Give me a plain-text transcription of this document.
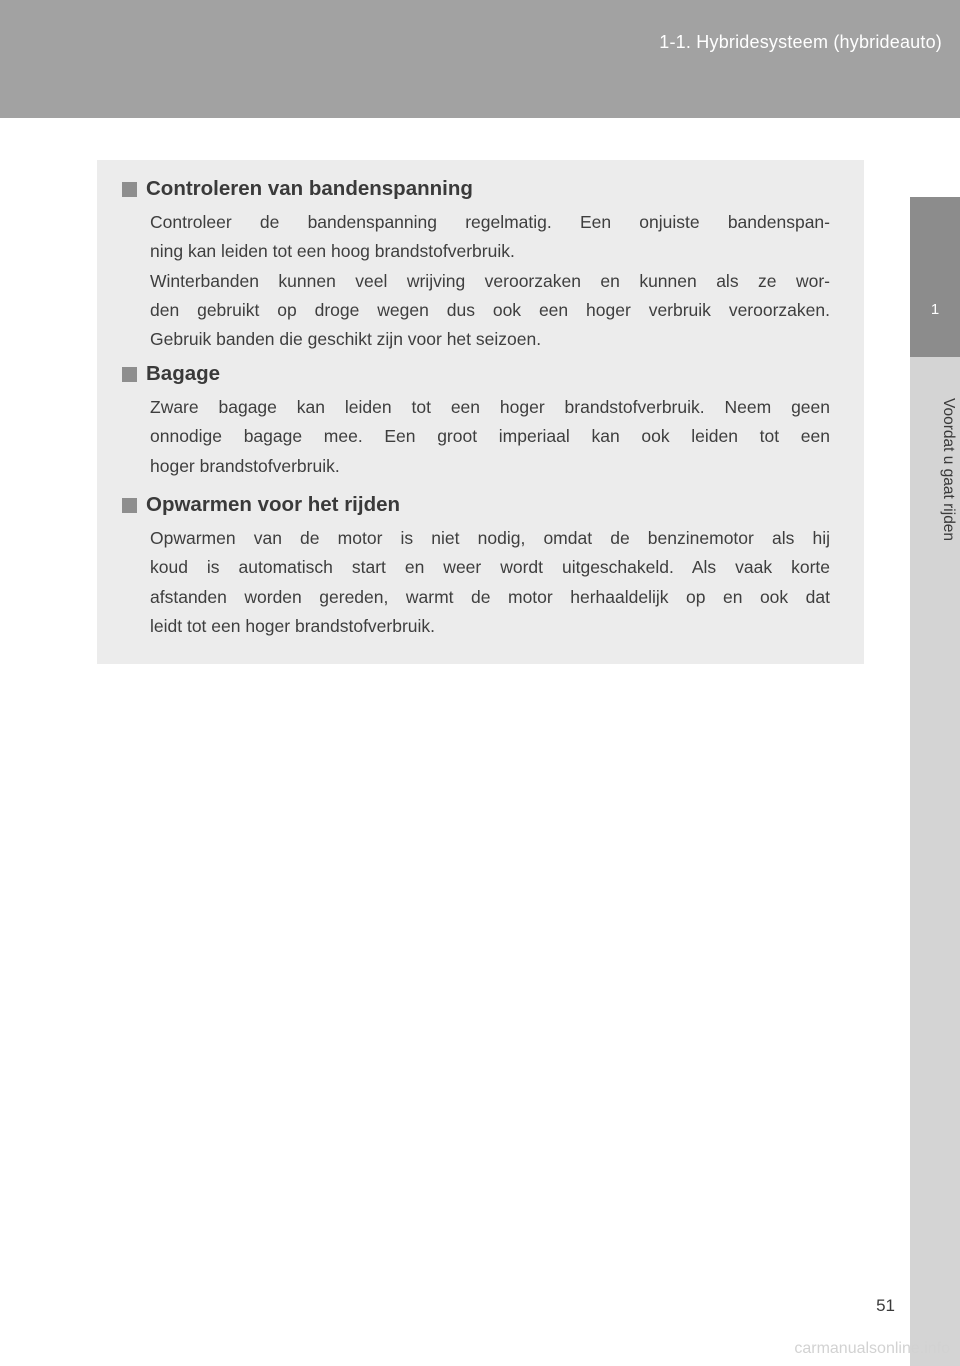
1-1. Hybridesysteem (hybrideauto)
1
Voordat u gaat rijden
Controleren van bandenspanning
Controleer de bandenspanning regelmatig. Een onjuiste bandenspan-
ning kan leiden tot een hoog brandstofverbruik.
Winterbanden kunnen veel wrijving veroorzaken en kunnen als ze wor-
den gebruikt op droge wegen dus ook een hoger verbruik veroorzaken.
Gebruik banden die geschikt zijn voor het seizoen.
Bagage
Zware bagage kan leiden tot een hoger brandstofverbruik. Neem geen
onnodige bagage mee. Een groot imperiaal kan ook leiden tot een
hoger brandstofverbruik.
Opwarmen voor het rijden
Opwarmen van de motor is niet nodig, omdat de benzinemotor als hij
koud is automatisch start en weer wordt uitgeschakeld. Als vaak korte
afstanden worden gereden, warmt de motor herhaaldelijk op en ook dat
leidt tot een hoger brandstofverbruik.
51
carmanualsonline.info
